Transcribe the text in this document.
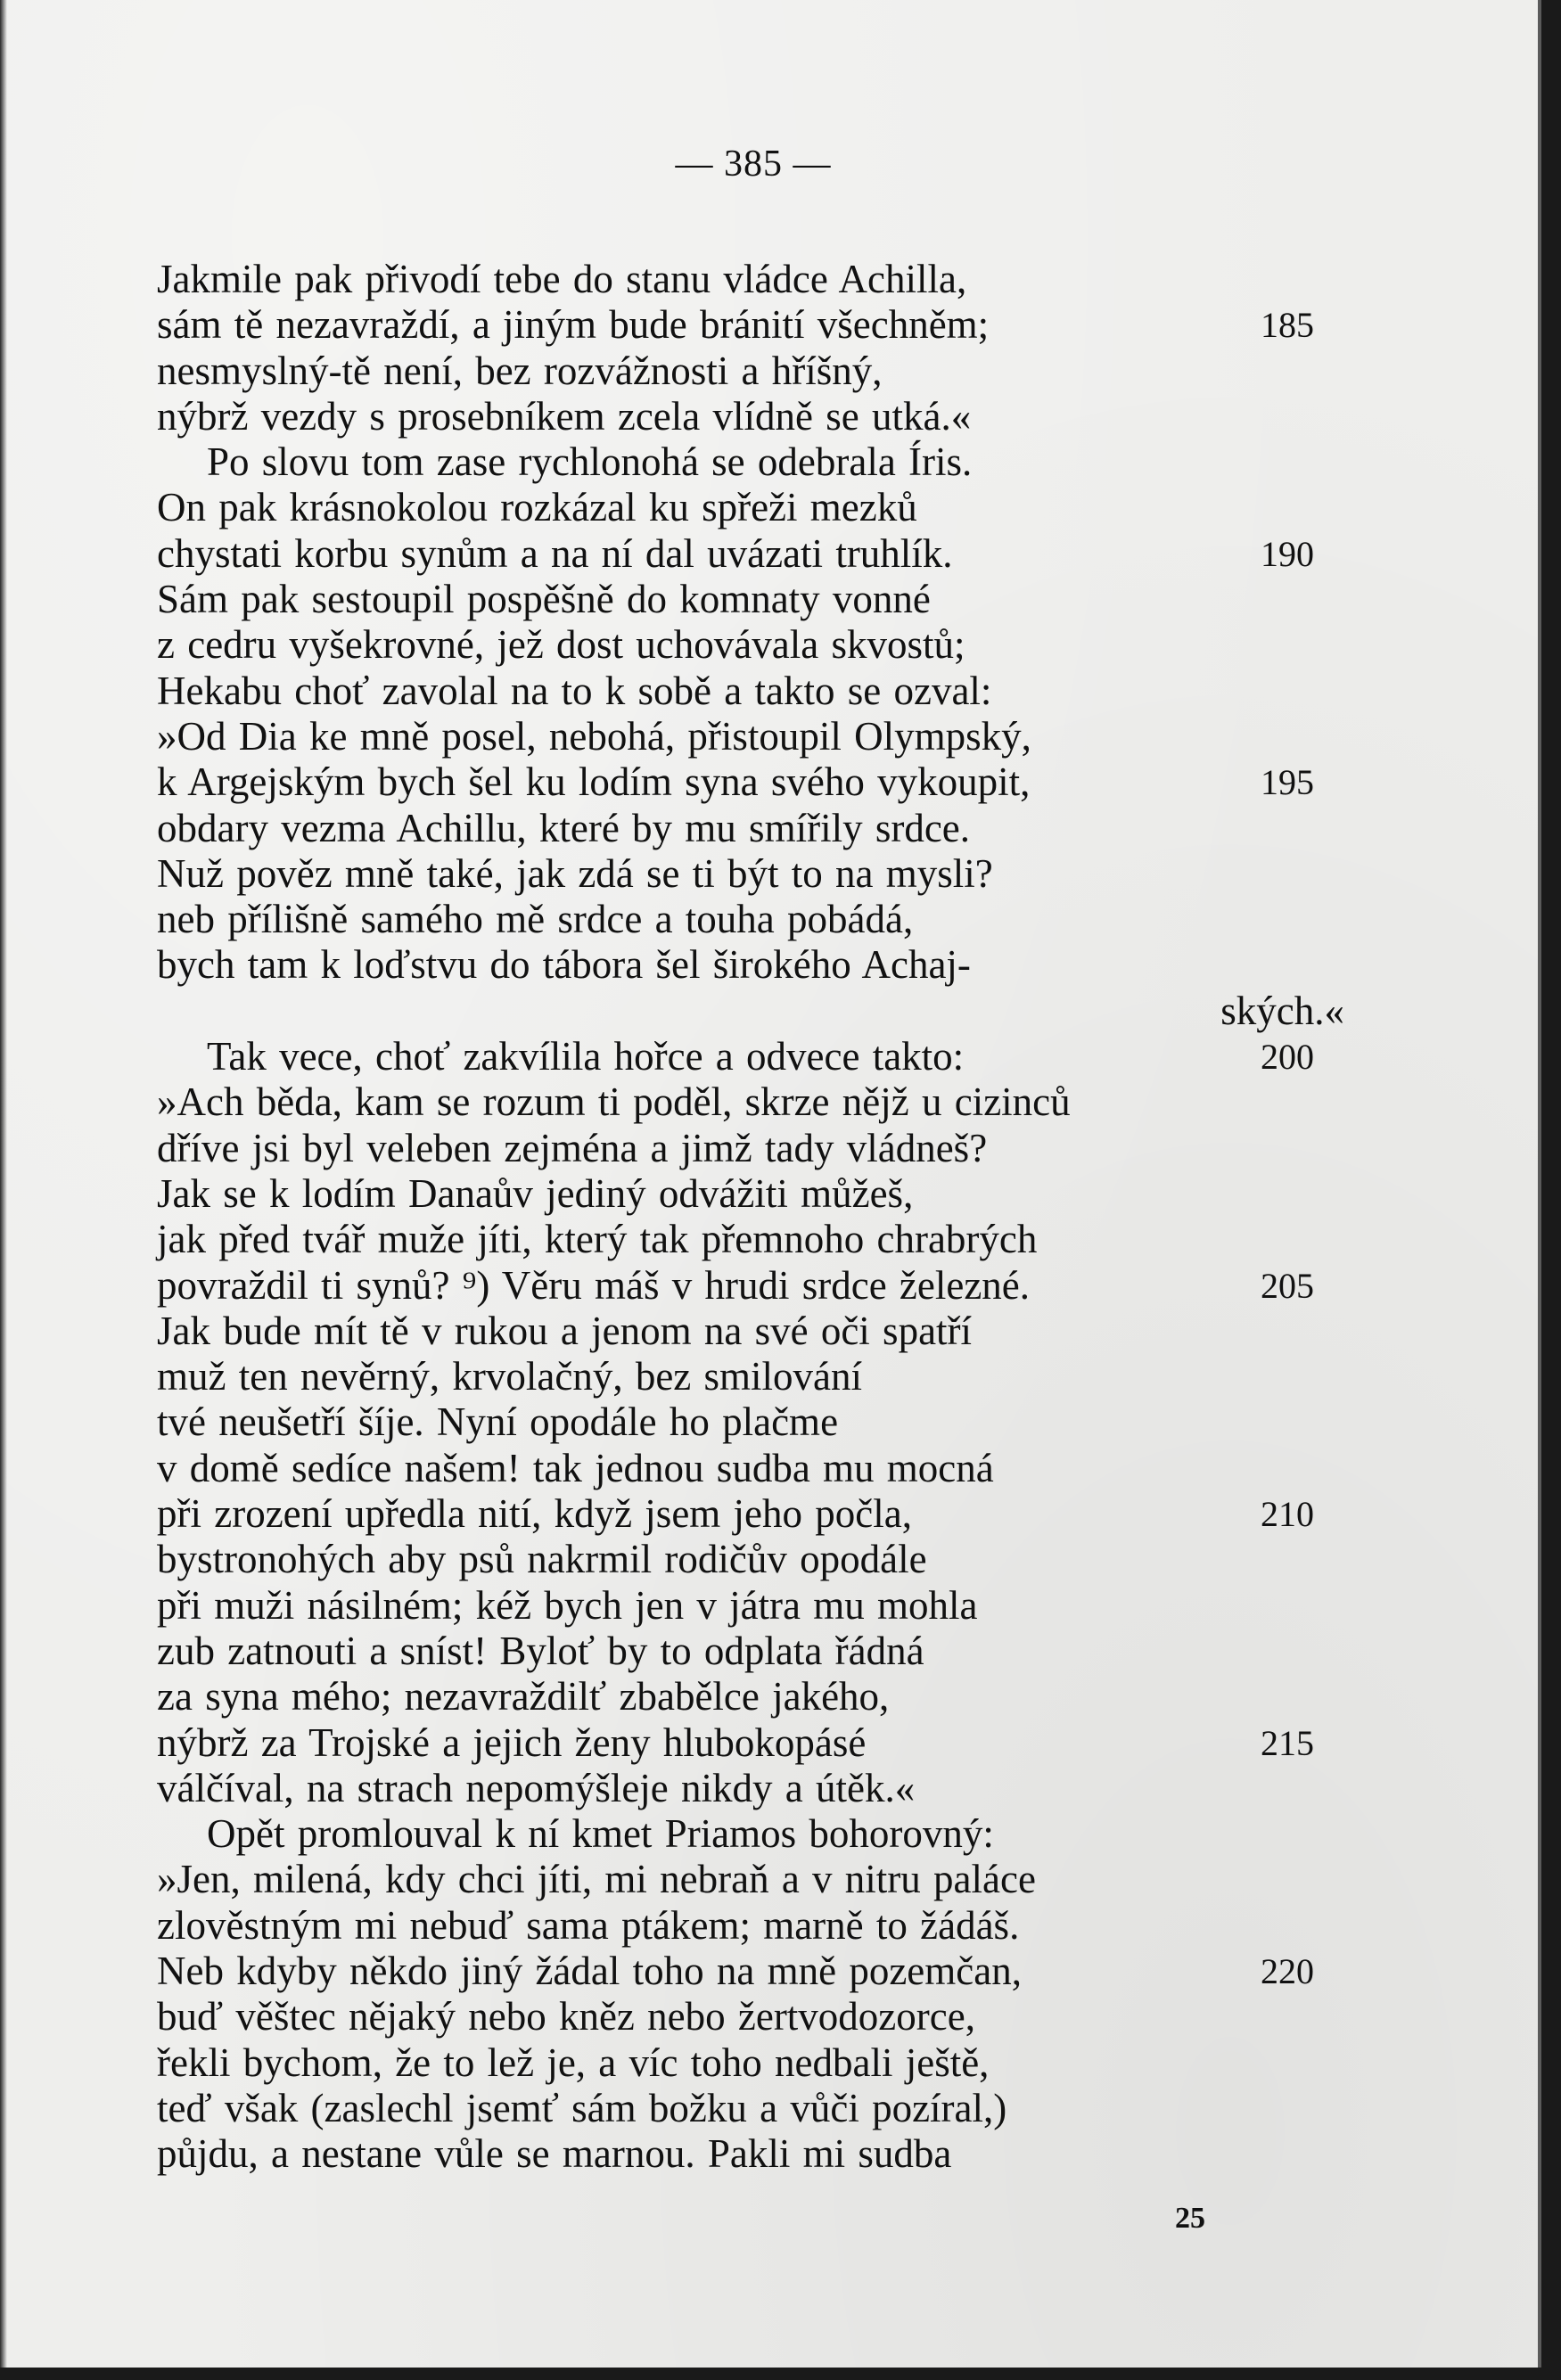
— 385 —
Jakmile pak přivodí tebe do stanu vládce Achilla,
sám tě nezavraždí, a jiným bude bránití všechněm;	185
nesmyslný-tě není, bez rozvážnosti a hříšný,
nýbrž vezdy s prosebníkem zcela vlídně se utká.«
Po slovu tom zase rychlonohá se odebrala Íris.
On pak krásnokolou rozkázal ku spřeži mezků
chystati korbu synům a na ní dal uvázati truhlík.	190
Sám pak sestoupil pospěšně do komnaty vonné
z cedru vyšekrovné, jež dost uchovávala skvostů;
Hekabu choť zavolal na to k sobě a takto se ozval:
»Od Dia ke mně posel, nebohá, přistoupil Olympský,
k Argejským bych šel ku lodím syna svého vykoupit,	195
obdary vezma Achillu, které by mu smířily srdce.
Nuž pověz mně také, jak zdá se ti být to na mysli?
neb přílišně samého mě srdce a touha pobádá,
bych tam k loďstvu do tábora šel širokého Achaj-
ských.«
Tak vece, choť zakvílila hořce a odvece takto:	200
»Ach běda, kam se rozum ti poděl, skrze nějž u cizinců
dříve jsi byl veleben zejména a jimž tady vládneš?
Jak se k lodím Danaův jediný odvážiti můžeš,
jak před tvář muže jíti, který tak přemnoho chrabrých
povraždil ti synů? ⁹) Věru máš v hrudi srdce železné.	205
Jak bude mít tě v rukou a jenom na své oči spatří
muž ten nevěrný, krvolačný, bez smilování
tvé neušetří šíje. Nyní opodále ho plačme
v domě sedíce našem! tak jednou sudba mu mocná
při zrození upředla nití, když jsem jeho počla,	210
bystronohých aby psů nakrmil rodičův opodále
při muži násilném; kéž bych jen v játra mu mohla
zub zatnouti a sníst! Byloť by to odplata řádná
za syna mého; nezavraždilť zbabělce jakého,
nýbrž za Trojské a jejich ženy hlubokopásé	215
válčíval, na strach nepomýšleje nikdy a útěk.«
Opět promlouval k ní kmet Priamos bohorovný:
»Jen, milená, kdy chci jíti, mi nebraň a v nitru paláce
zlověstným mi nebuď sama ptákem; marně to žádáš.
Neb kdyby někdo jiný žádal toho na mně pozemčan,	220
buď věštec nějaký nebo kněz nebo žertvodozorce,
řekli bychom, že to lež je, a víc toho nedbali ještě,
teď však (zaslechl jsemť sám božku a vůči pozíral,)
půjdu, a nestane vůle se marnou. Pakli mi sudba
25
